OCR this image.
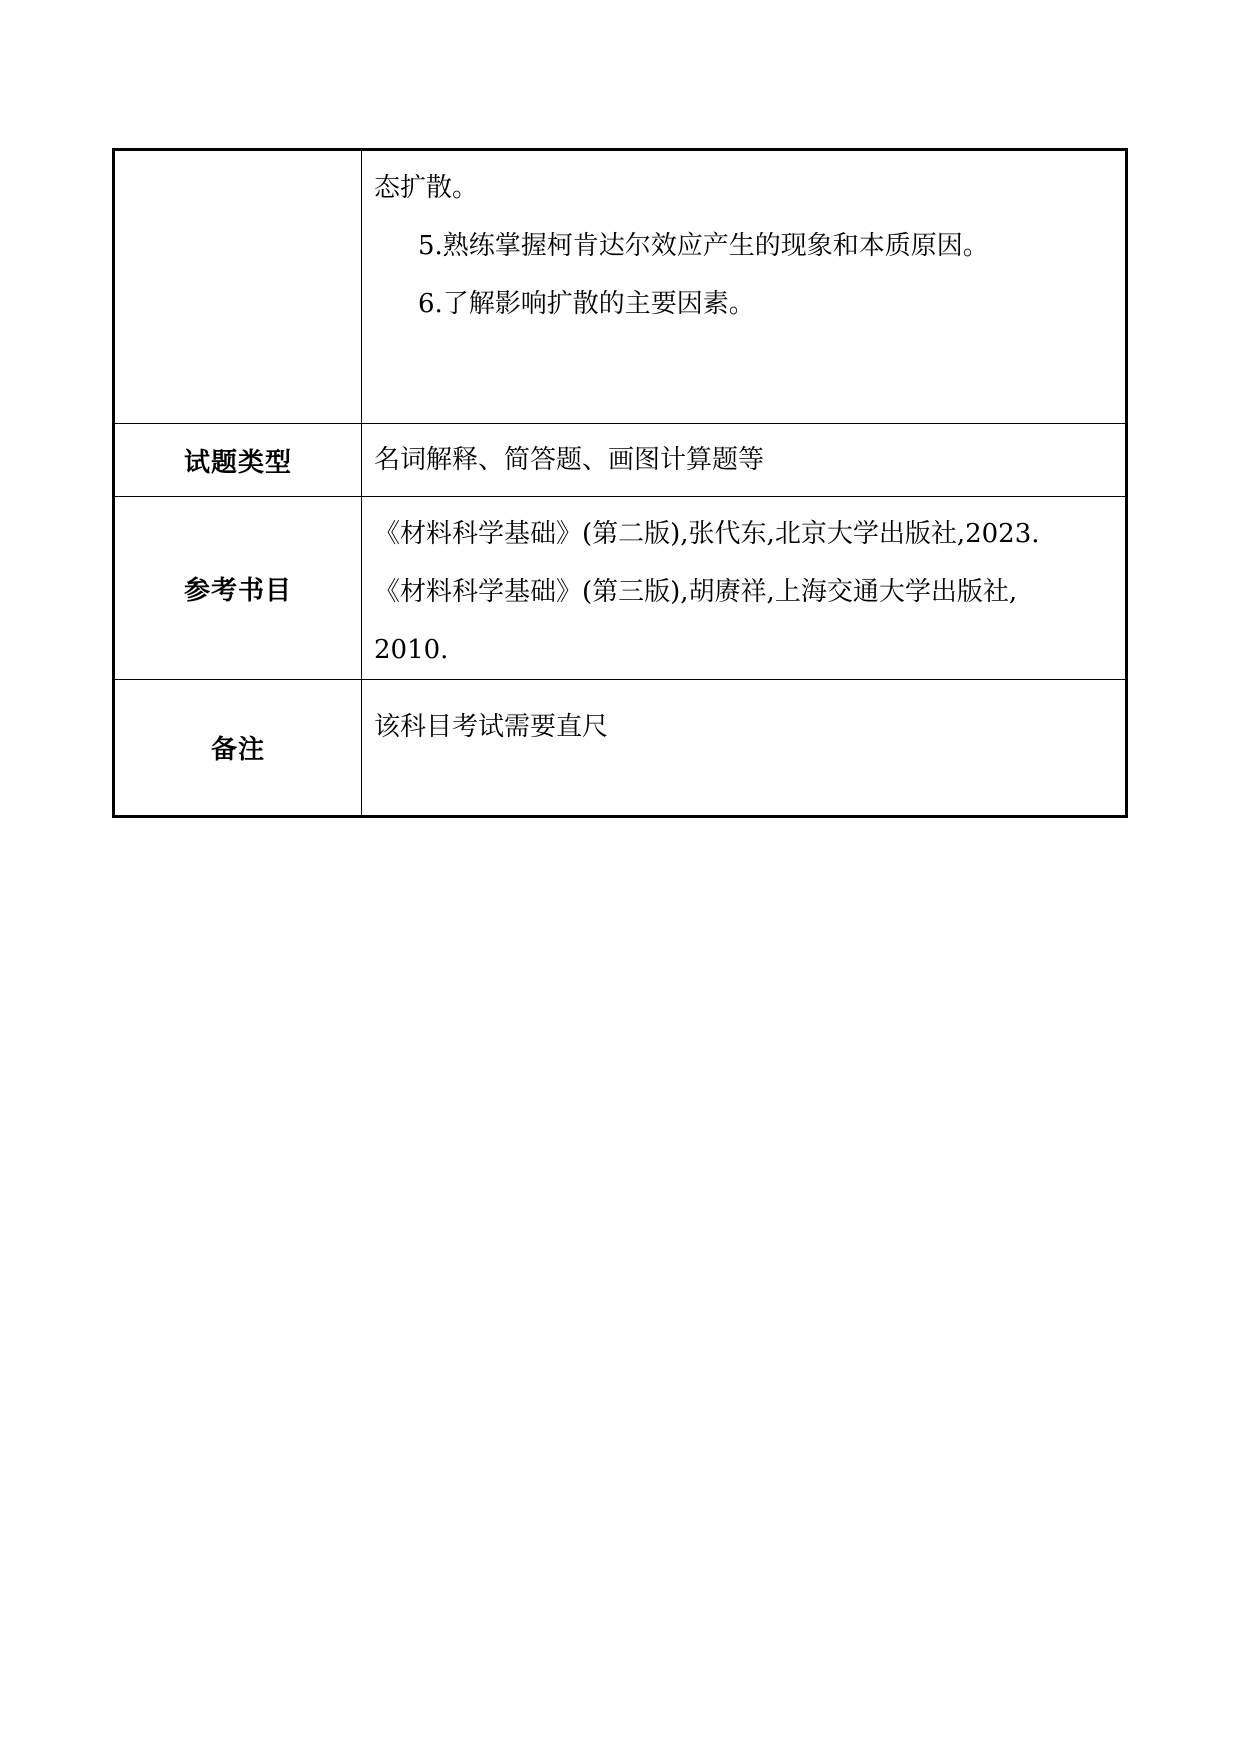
	态扩散。
5.熟练掌握柯肯达尔效应产生的现象和本质原因。
6.了解影响扩散的主要因素。

试题类型	名词解释、简答题、画图计算题等
参考书目	《材料科学基础》(第二版),张代东,北京大学出版社,2023.
《材料科学基础》(第三版),胡赓祥,上海交通大学出版社,
2010.

备注	该科目考试需要直尺
